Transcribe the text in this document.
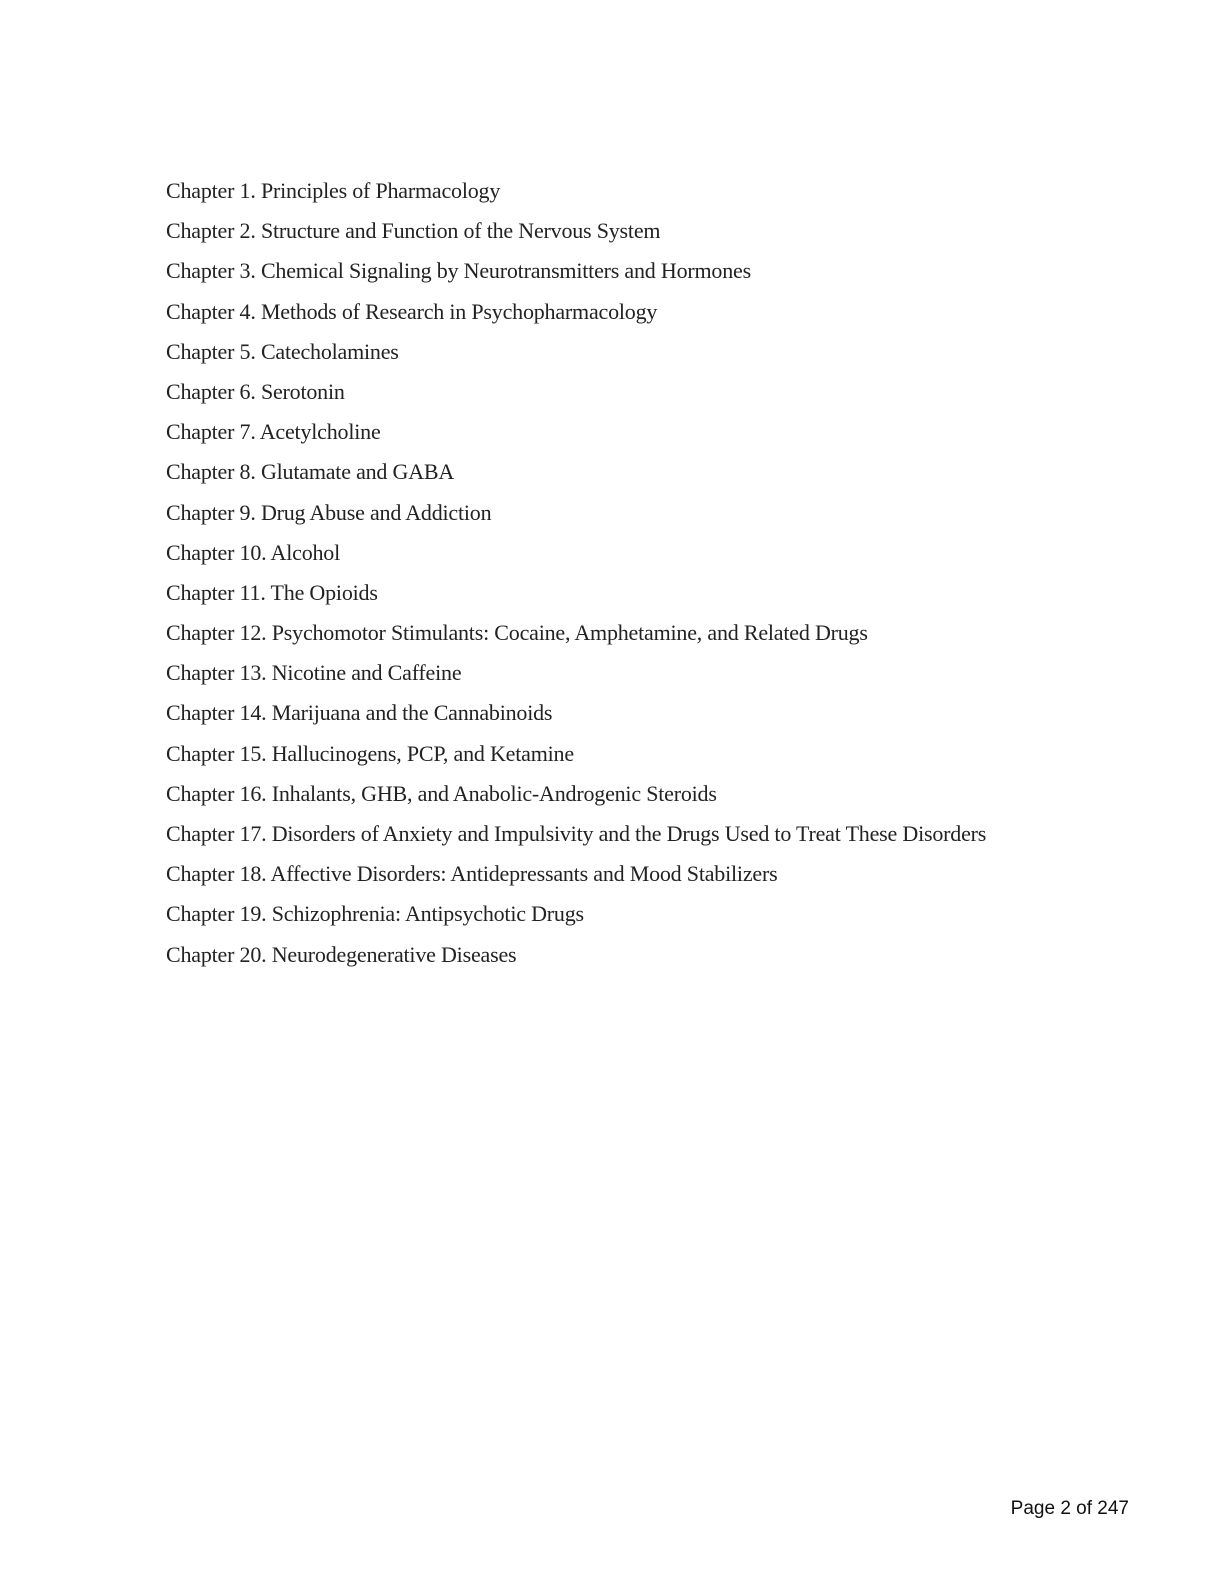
Chapter 1. Principles of Pharmacology
Chapter 2. Structure and Function of the Nervous System
Chapter 3. Chemical Signaling by Neurotransmitters and Hormones
Chapter 4. Methods of Research in Psychopharmacology
Chapter 5. Catecholamines
Chapter 6. Serotonin
Chapter 7. Acetylcholine
Chapter 8. Glutamate and GABA
Chapter 9. Drug Abuse and Addiction
Chapter 10. Alcohol
Chapter 11. The Opioids
Chapter 12. Psychomotor Stimulants: Cocaine, Amphetamine, and Related Drugs
Chapter 13. Nicotine and Caffeine
Chapter 14. Marijuana and the Cannabinoids
Chapter 15. Hallucinogens, PCP, and Ketamine
Chapter 16. Inhalants, GHB, and Anabolic-Androgenic Steroids
Chapter 17. Disorders of Anxiety and Impulsivity and the Drugs Used to Treat These Disorders
Chapter 18. Affective Disorders: Antidepressants and Mood Stabilizers
Chapter 19. Schizophrenia: Antipsychotic Drugs
Chapter 20. Neurodegenerative Diseases
Page 2 of 247
